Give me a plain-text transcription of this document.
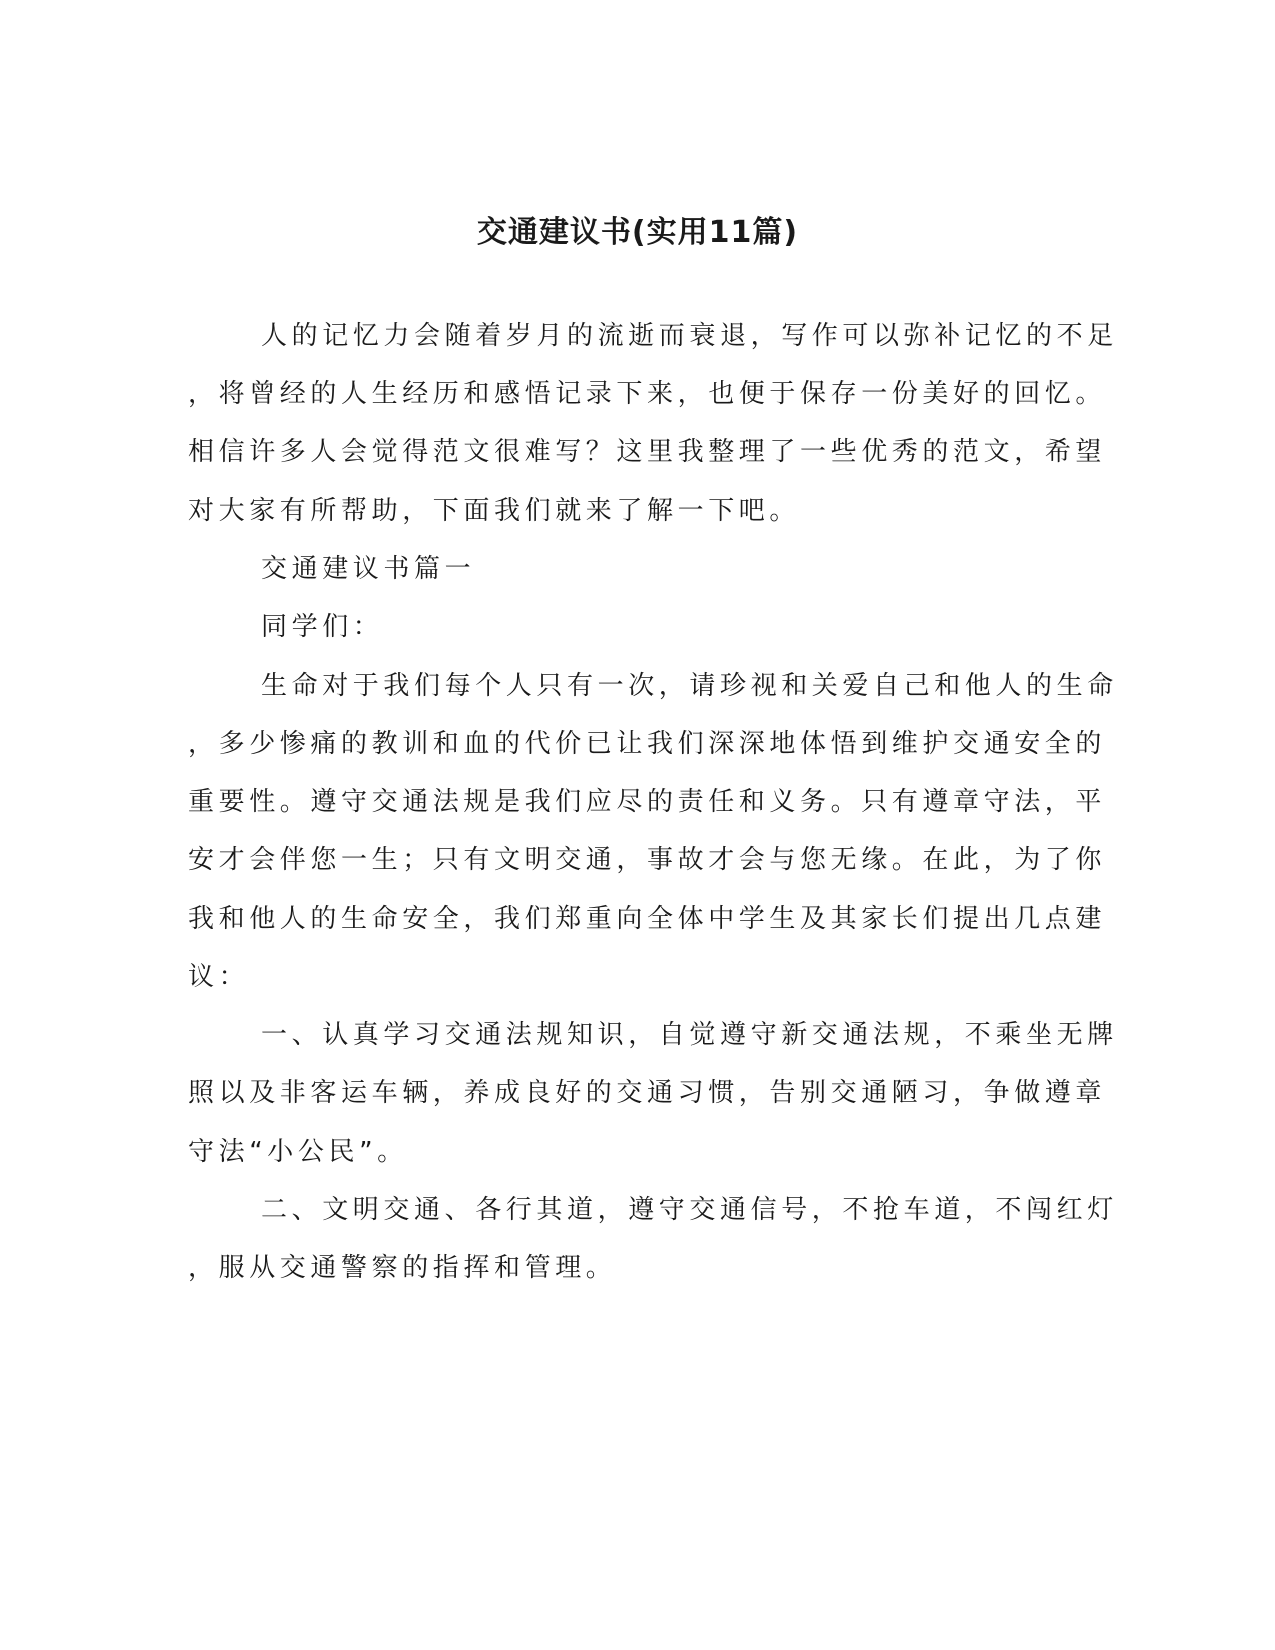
交通建议书(实用11篇)
人的记忆力会随着岁月的流逝而衰退，写作可以弥补记忆的不足
，将曾经的人生经历和感悟记录下来，也便于保存一份美好的回忆。
相信许多人会觉得范文很难写？这里我整理了一些优秀的范文，希望
对大家有所帮助，下面我们就来了解一下吧。
交通建议书篇一
同学们：
生命对于我们每个人只有一次，请珍视和关爱自己和他人的生命
，多少惨痛的教训和血的代价已让我们深深地体悟到维护交通安全的
重要性。遵守交通法规是我们应尽的责任和义务。只有遵章守法，平
安才会伴您一生；只有文明交通，事故才会与您无缘。在此，为了你
我和他人的生命安全，我们郑重向全体中学生及其家长们提出几点建
议：
一、认真学习交通法规知识，自觉遵守新交通法规，不乘坐无牌
照以及非客运车辆，养成良好的交通习惯，告别交通陋习，争做遵章
守法“小公民”。
二、文明交通、各行其道，遵守交通信号，不抢车道，不闯红灯
，服从交通警察的指挥和管理。
